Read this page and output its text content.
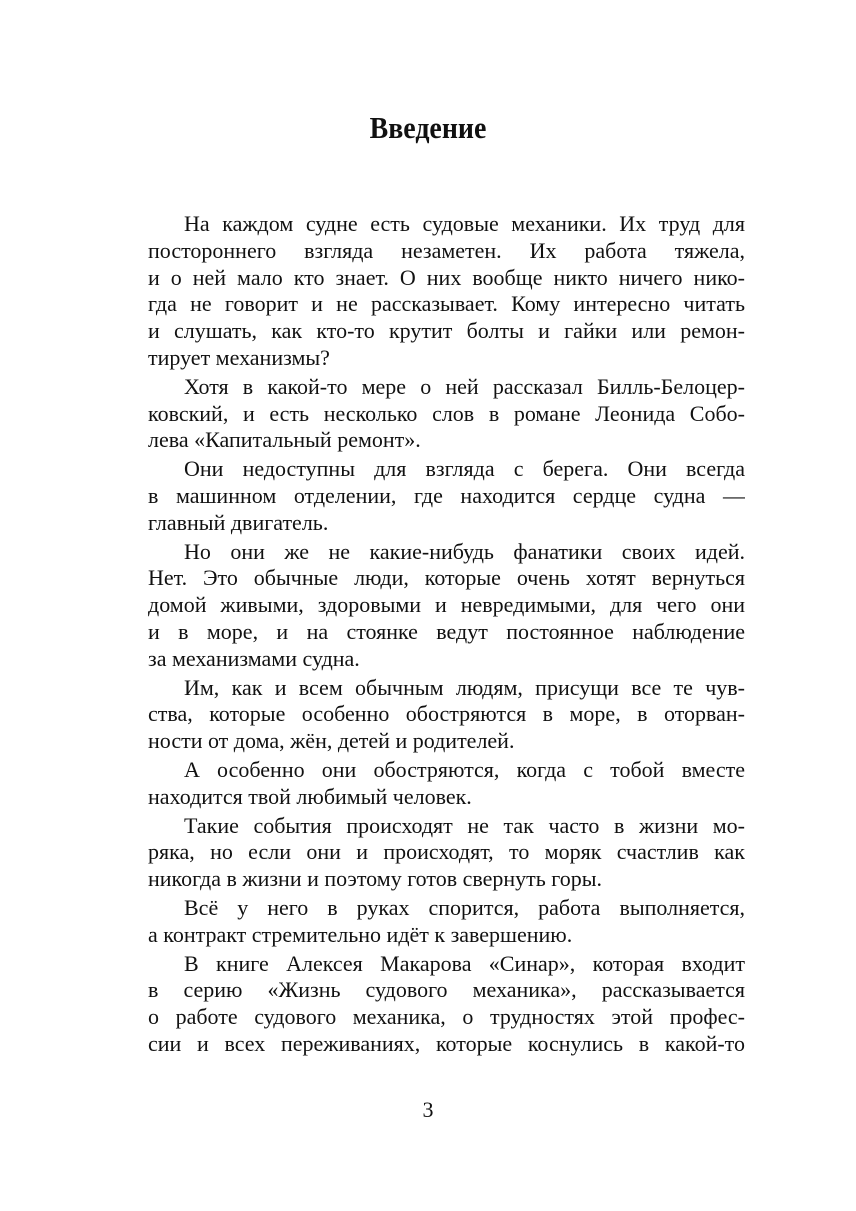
Введение
На каждом судне есть судовые механики. Их труд для
постороннего взгляда незаметен. Их работа тяжела,
и о ней мало кто знает. О них вообще никто ничего нико-
гда не говорит и не рассказывает. Кому интересно читать
и слушать, как кто-то крутит болты и гайки или ремон-
тирует механизмы?
Хотя в какой-то мере о ней рассказал Билль-Белоцер-
ковский, и есть несколько слов в романе Леонида Собо-
лева «Капитальный ремонт».
Они недоступны для взгляда с берега. Они всегда
в машинном отделении, где находится сердце судна —
главный двигатель.
Но они же не какие-нибудь фанатики своих идей.
Нет. Это обычные люди, которые очень хотят вернуться
домой живыми, здоровыми и невредимыми, для чего они
и в море, и на стоянке ведут постоянное наблюдение
за механизмами судна.
Им, как и всем обычным людям, присущи все те чув-
ства, которые особенно обостряются в море, в оторван-
ности от дома, жён, детей и родителей.
А особенно они обостряются, когда с тобой вместе
находится твой любимый человек.
Такие события происходят не так часто в жизни мо-
ряка, но если они и происходят, то моряк счастлив как
никогда в жизни и поэтому готов свернуть горы.
Всё у него в руках спорится, работа выполняется,
а контракт стремительно идёт к завершению.
В книге Алексея Макарова «Синар», которая входит
в серию «Жизнь судового механика», рассказывается
о работе судового механика, о трудностях этой профес-
сии и всех переживаниях, которые коснулись в какой-то
3
